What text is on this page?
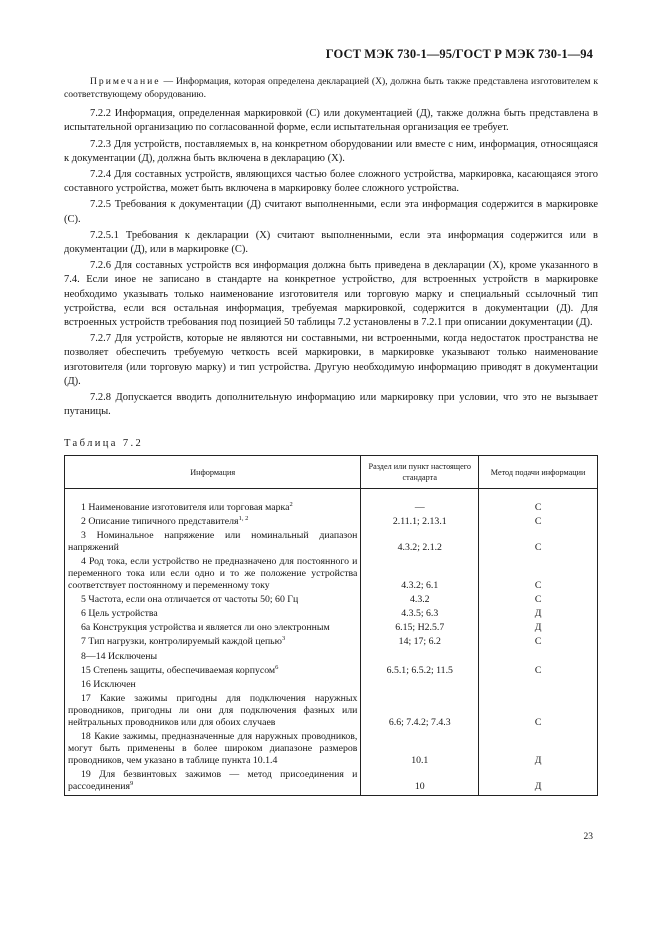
ГОСТ МЭК 730-1—95/ГОСТ Р МЭК 730-1—94

Примечание — Информация, которая определена декларацией (Х), должна быть также представлена изготовителем к соответствующему оборудованию.

7.2.2 Информация, определенная маркировкой (С) или документацией (Д), также должна быть представлена в испытательной организацию по согласованной форме, если испытательная организация ее требует.

7.2.3 Для устройств, поставляемых в, на конкретном оборудовании или вместе с ним, информация, относящаяся к документации (Д), должна быть включена в декларацию (Х).

7.2.4 Для составных устройств, являющихся частью более сложного устройства, маркировка, касающаяся этого составного устройства, может быть включена в маркировку более сложного устройства.

7.2.5 Требования к документации (Д) считают выполненными, если эта информация содержится в маркировке (С).

7.2.5.1 Требования к декларации (Х) считают выполненными, если эта информация содержится или в документации (Д), или в маркировке (С).

7.2.6 Для составных устройств вся информация должна быть приведена в декларации (Х), кроме указанного в 7.4. Если иное не записано в стандарте на конкретное устройство, для встроенных устройств в маркировке необходимо указывать только наименование изготовителя или торговую марку и специальный ссылочный тип устройства, если вся остальная информация, требуемая маркировкой, содержится в документации (Д). Для встроенных устройств требования под позицией 50 таблицы 7.2 установлены в 7.2.1 при описании документации (Д).

7.2.7 Для устройств, которые не являются ни составными, ни встроенными, когда недостаток пространства не позволяет обеспечить требуемую четкость всей маркировки, в маркировке указывают только наименование изготовителя (или торговую марку) и тип устройства. Другую необходимую информацию приводят в документации (Д).

7.2.8 Допускается вводить дополнительную информацию или маркировку при условии, что это не вызывает путаницы.

Таблица 7.2
Информация	Раздел или пункт настоящего стандарта	Метод подачи информации

1 Наименование изготовителя или торговая марка$^2$	—	С
2 Описание типичного представителя$^{1, 2}$	2.11.1; 2.13.1	С
3 Номинальное напряжение или номинальный диапазон напряжений	4.3.2; 2.1.2	С
4 Род тока, если устройство не предназначено для постоянного и переменного тока или если одно и то же положение устройства соответствует постоянному и переменному току	4.3.2; 6.1	С
5 Частота, если она отличается от частоты 50; 60 Гц	4.3.2	С
6 Цель устройства	4.3.5; 6.3	Д
6а Конструкция устройства и является ли оно электронным	6.15; Н2.5.7	Д
7 Тип нагрузки, контролируемый каждой цепью$^3$	14; 17; 6.2	С
8—14 Исключены		
15 Степень защиты, обеспечиваемая корпусом$^6$	6.5.1; 6.5.2; 11.5	С
16 Исключен		
17 Какие зажимы пригодны для подключения наружных проводников, пригодны ли они для подключения фазных или нейтральных проводников или для обоих случаев	6.6; 7.4.2; 7.4.3	С
18 Какие зажимы, предназначенные для наружных проводников, могут быть применены в более широком диапазоне размеров проводников, чем указано в таблице пункта 10.1.4	10.1	Д
19 Для безвинтовых зажимов — метод присоединения и рассоединения$^9$	10	Д
23
